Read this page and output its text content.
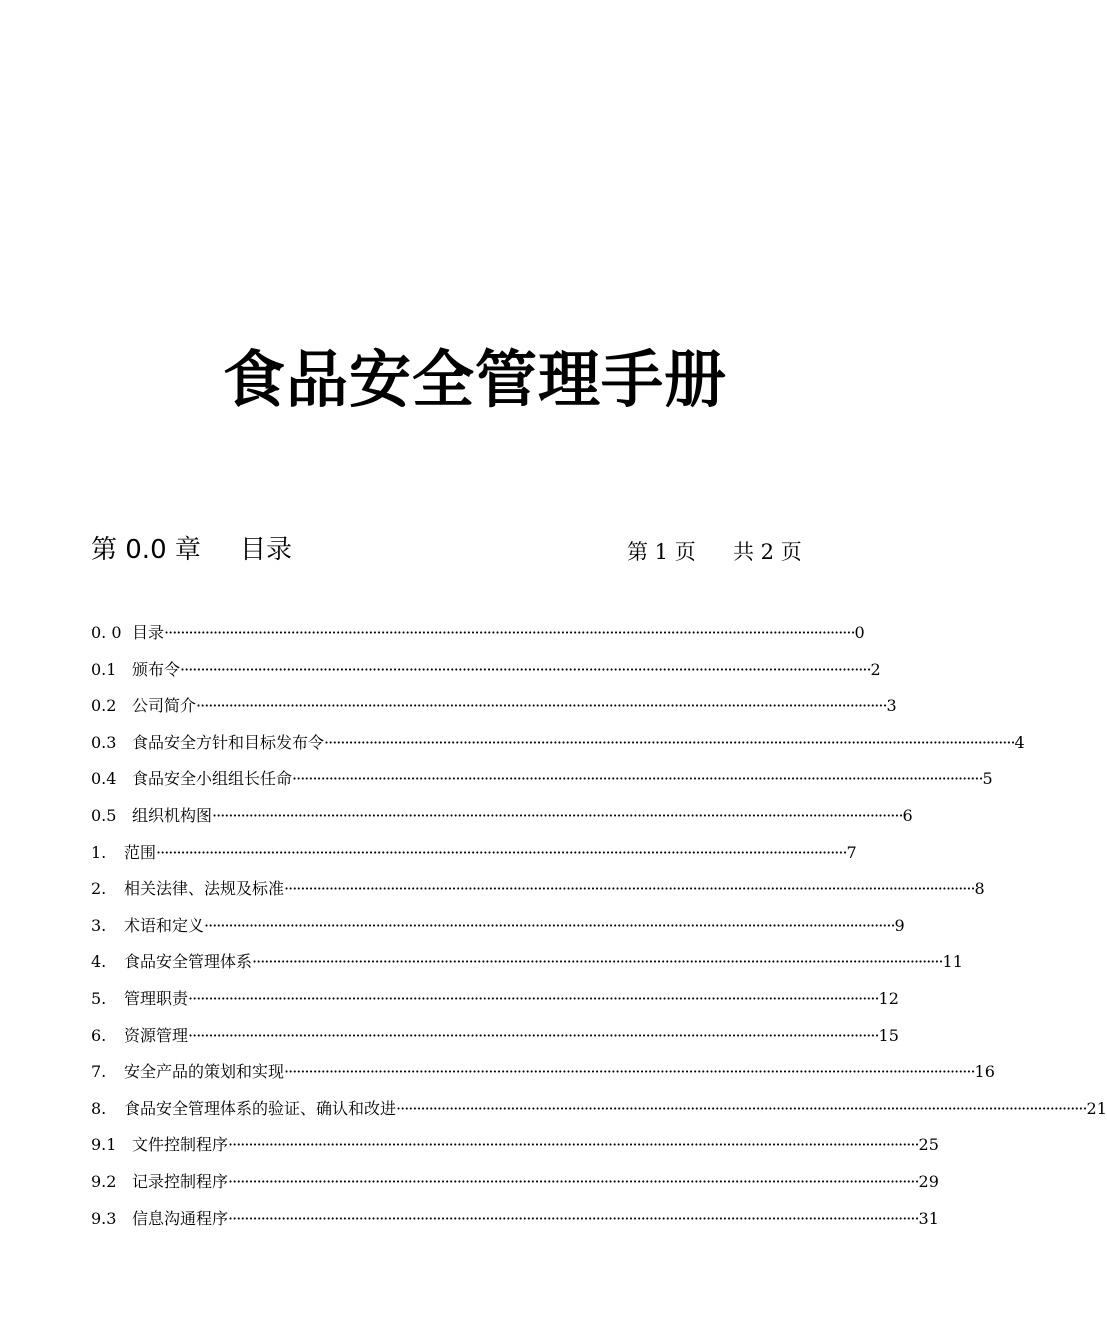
食品安全管理手册
第 0.0 章 目录	第 1 页 共 2 页
0. 0 目录 ········································································································································································· 0
0.1 颁布令 ········································································································································································· 2
0.2 公司简介 ········································································································································································· 3
0.3 食品安全方针和目标发布令 ········································································································································································· 4
0.4 食品安全小组组长任命 ········································································································································································· 5
0.5 组织机构图 ········································································································································································· 6
1.	范围 ········································································································································································· 7
2.	相关法律、法规及标准 ········································································································································································· 8
3.	术语和定义 ········································································································································································· 9
4.	食品安全管理体系 ········································································································································································· 11
5.	管理职责 ········································································································································································· 12
6.	资源管理 ········································································································································································· 15
7.	安全产品的策划和实现 ········································································································································································· 16
8.	食品安全管理体系的验证、确认和改进 ········································································································································································· 21
9.1 文件控制程序 ········································································································································································· 25
9.2 记录控制程序 ········································································································································································· 29
9.3 信息沟通程序 ········································································································································································· 31
